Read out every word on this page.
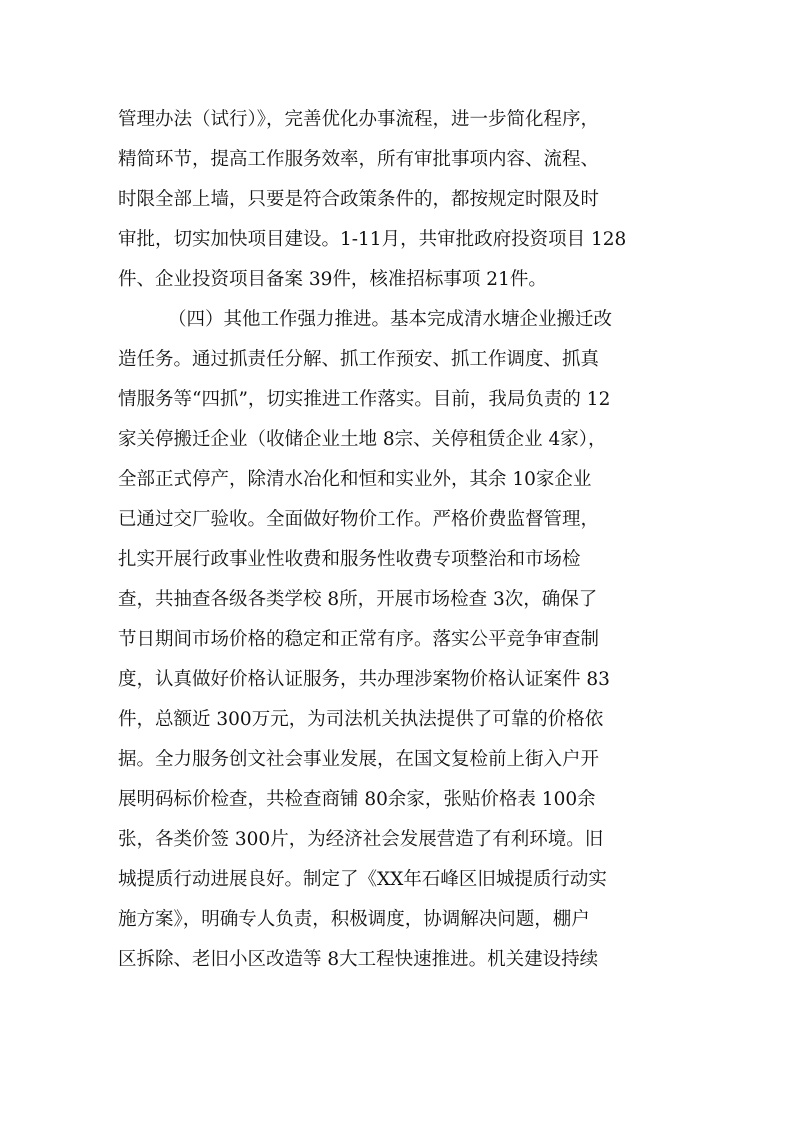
管理办法（试行）》，完善优化办事流程，进一步简化程序，
精简环节，提高工作服务效率，所有审批事项内容、流程、
时限全部上墙，只要是符合政策条件的，都按规定时限及时
审批，切实加快项目建设。1-11月，共审批政府投资项目 128
件、企业投资项目备案 39件，核准招标事项 21件。
（四）其他工作强力推进。基本完成清水塘企业搬迁改
造任务。通过抓责任分解、抓工作预安、抓工作调度、抓真
情服务等“四抓”，切实推进工作落实。目前，我局负责的 12
家关停搬迁企业（收储企业土地 8宗、关停租赁企业 4家），
全部正式停产，除清水冶化和恒和实业外，其余 10家企业
已通过交厂验收。全面做好物价工作。严格价费监督管理，
扎实开展行政事业性收费和服务性收费专项整治和市场检
查，共抽查各级各类学校 8所，开展市场检查 3次，确保了
节日期间市场价格的稳定和正常有序。落实公平竞争审查制
度，认真做好价格认证服务，共办理涉案物价格认证案件 83
件，总额近 300万元，为司法机关执法提供了可靠的价格依
据。全力服务创文社会事业发展，在国文复检前上街入户开
展明码标价检查，共检查商铺 80余家，张贴价格表 100余
张，各类价签 300片，为经济社会发展营造了有利环境。旧
城提质行动进展良好。制定了《XX年石峰区旧城提质行动实
施方案》，明确专人负责，积极调度，协调解决问题，棚户
区拆除、老旧小区改造等 8大工程快速推进。机关建设持续
